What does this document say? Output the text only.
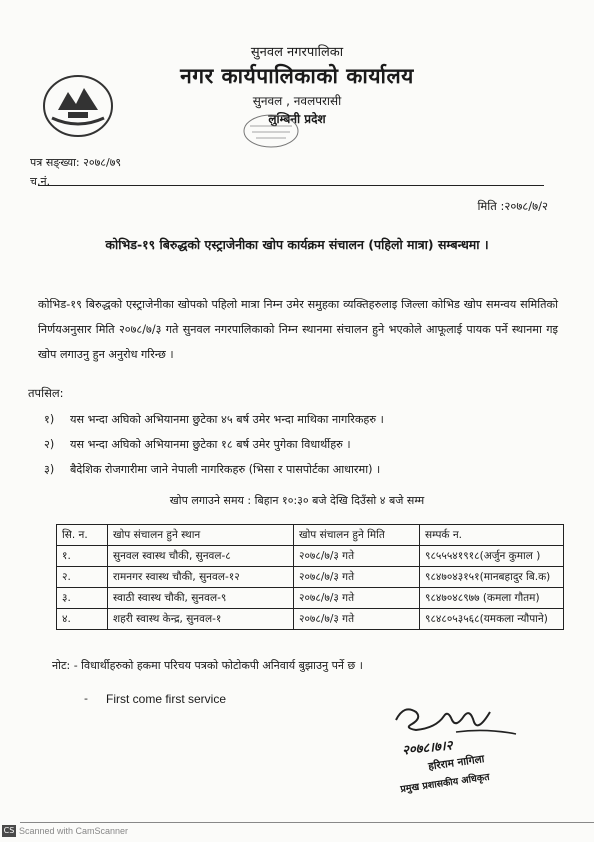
सुनवल नगरपालिका
नगर कार्यपालिकाको कार्यालय
सुनवल , नवलपरासी
लुम्बिनी प्रदेश
पत्र सङ्ख्या: २०७८/७९
च.नं.
मिति :२०७८/७/२
कोभिड-१९ बिरुद्धको एस्ट्राजेनीका खोप कार्यक्रम संचालन (पहिलो मात्रा) सम्बन्धमा ।
कोभिड-१९ बिरुद्धको एस्ट्राजेनीका खोपको पहिलो मात्रा निम्न उमेर समुहका व्यक्तिहरुलाइ जिल्ला कोभिड खोप समन्वय समितिको निर्णयअनुसार मिति २०७८/७/३ गते सुनवल नगरपालिकाको निम्न स्थानमा संचालन हुने भएकोले आफूलाई पायक पर्ने स्थानमा गइ खोप लगाउनु हुन अनुरोध गरिन्छ ।
तपसिल:
१) यस भन्दा अघिको अभियानमा छुटेका ४५ बर्ष उमेर भन्दा माथिका नागरिकहरु ।
२) यस भन्दा अघिको अभियानमा छुटेका १८ बर्ष उमेर पुगेका विधार्थीहरु ।
३) बैदेशिक रोजगारीमा जाने नेपाली नागरिकहरु (भिसा र पासपोर्टका आधारमा) ।
खोप लगाउने समय : बिहान १०:३० बजे देखि दिउँसो ४ बजे सम्म
सि. न.	खोप संचालन हुने स्थान	खोप संचालन हुने मिति	सम्पर्क न.
१.	सुनवल स्वास्थ चौकी, सुनवल-८	२०७८/७/३ गते	९८५५५४१९१८(अर्जुन कुमाल )
२.	रामनगर स्वास्थ चौकी, सुनवल-१२	२०७८/७/३ गते	९८४७०४३१५१(मानबहादुर बि.क)
३.	स्वाठी स्वास्थ चौकी, सुनवल-९	२०७८/७/३ गते	९८४७०४८९७७ (कमला गौतम)
४.	शहरी स्वास्थ केन्द्र, सुनवल-१	२०७८/७/३ गते	९८४८०५३५६८(यमकला न्यौपाने)
नोट: - विधार्थीहरुको हकमा परिचय पत्रको फोटोकपी अनिवार्य बुझाउनु पर्ने छ ।
- First come first service
२०७८।७।२
हरिराम नागिला
प्रमुख प्रशासकीय अधिकृत
CS Scanned with CamScanner
